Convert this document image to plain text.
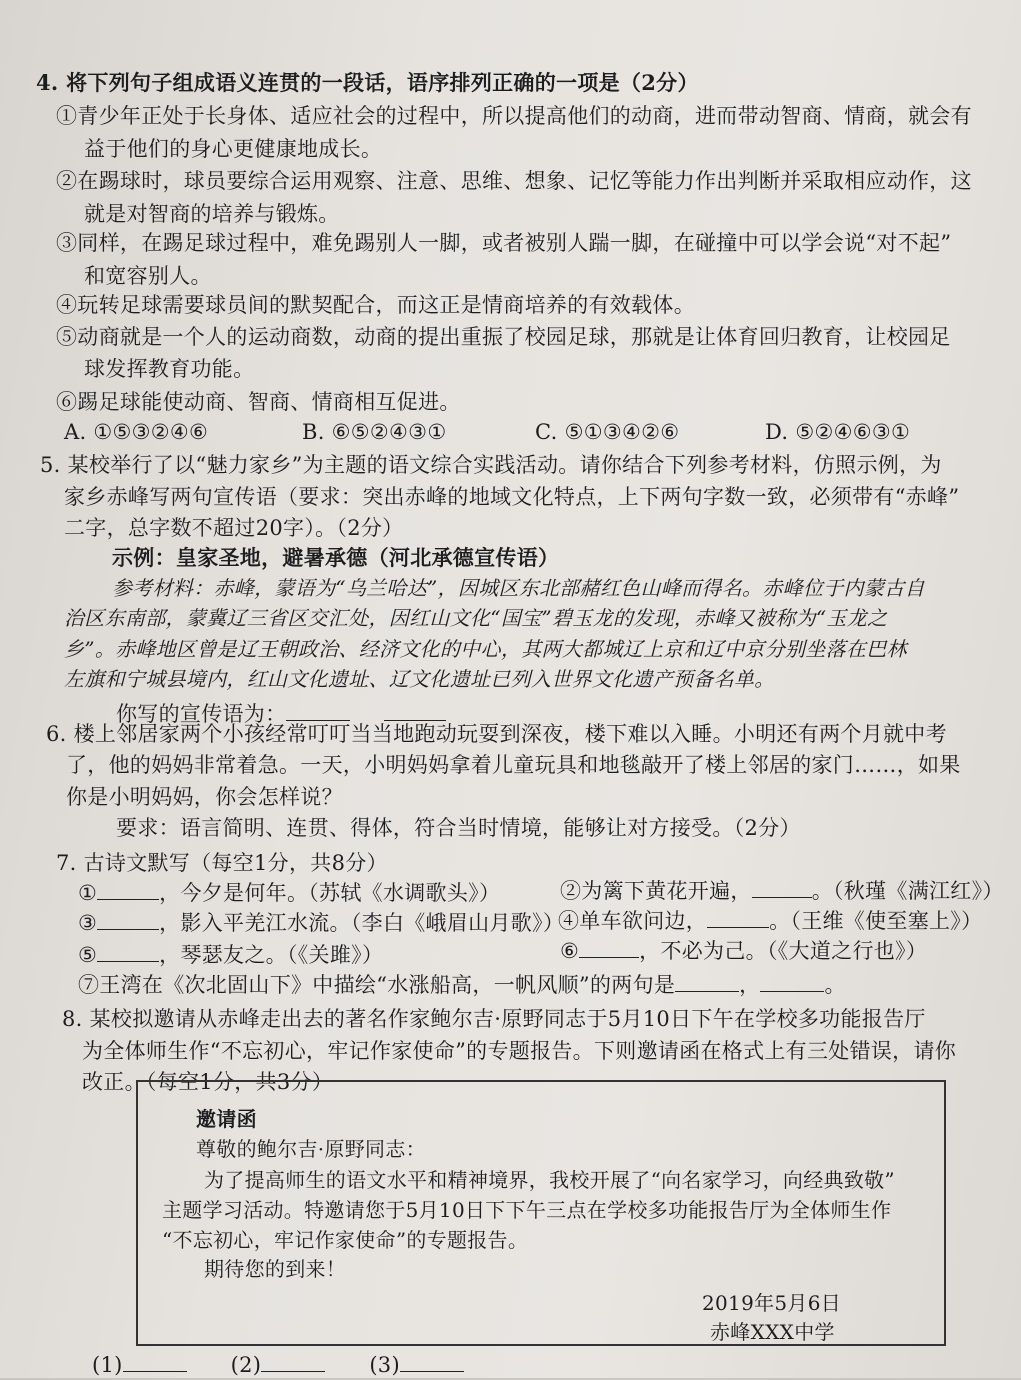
4. 将下列句子组成语义连贯的一段话，语序排列正确的一项是（2分）
①青少年正处于长身体、适应社会的过程中，所以提高他们的动商，进而带动智商、情商，就会有
益于他们的身心更健康地成长。
②在踢球时，球员要综合运用观察、注意、思维、想象、记忆等能力作出判断并采取相应动作，这
就是对智商的培养与锻炼。
③同样，在踢足球过程中，难免踢别人一脚，或者被别人踹一脚，在碰撞中可以学会说“对不起”
和宽容别人。
④玩转足球需要球员间的默契配合，而这正是情商培养的有效载体。
⑤动商就是一个人的运动商数，动商的提出重振了校园足球，那就是让体育回归教育，让校园足
球发挥教育功能。
⑥踢足球能使动商、智商、情商相互促进。
A. ①⑤③②④⑥	B. ⑥⑤②④③①	C. ⑤①③④②⑥	D. ⑤②④⑥③①
5. 某校举行了以“魅力家乡”为主题的语文综合实践活动。请你结合下列参考材料，仿照示例，为
家乡赤峰写两句宣传语（要求：突出赤峰的地域文化特点，上下两句字数一致，必须带有“赤峰”
二字，总字数不超过20字）。（2分）
示例：皇家圣地，避暑承德（河北承德宣传语）
参考材料：赤峰，蒙语为“乌兰哈达”，因城区东北部赭红色山峰而得名。赤峰位于内蒙古自
治区东南部，蒙冀辽三省区交汇处，因红山文化“国宝”碧玉龙的发现，赤峰又被称为“玉龙之
乡”。赤峰地区曾是辽王朝政治、经济文化的中心，其两大都城辽上京和辽中京分别坐落在巴林
左旗和宁城县境内，红山文化遗址、辽文化遗址已列入世界文化遗产预备名单。
你写的宣传语为：
6. 楼上邻居家两个小孩经常叮叮当当地跑动玩耍到深夜，楼下难以入睡。小明还有两个月就中考
了，他的妈妈非常着急。一天，小明妈妈拿着儿童玩具和地毯敲开了楼上邻居的家门……，如果
你是小明妈妈，你会怎样说？
要求：语言简明、连贯、得体，符合当时情境，能够让对方接受。（2分）
7. 古诗文默写（每空1分，共8分）
①	，今夕是何年。（苏轼《水调歌头》）	②为篱下黄花开遍，	。（秋瑾《满江红》）
③	，影入平羌江水流。（李白《峨眉山月歌》）
④单车欲问边，	。（王维《使至塞上》）
⑤	，琴瑟友之。（《关雎》）	⑥	，不必为己。（《大道之行也》）
⑦王湾在《次北固山下》中描绘“水涨船高，一帆风顺”的两句是	，	。
8. 某校拟邀请从赤峰走出去的著名作家鲍尔吉·原野同志于5月10日下午在学校多功能报告厅
为全体师生作“不忘初心，牢记作家使命”的专题报告。下则邀请函在格式上有三处错误，请你
改正。（每空1分，共3分）
邀请函
尊敬的鲍尔吉·原野同志：
为了提高师生的语文水平和精神境界，我校开展了“向名家学习，向经典致敬”
主题学习活动。特邀请您于5月10日下下午三点在学校多功能报告厅为全体师生作
“不忘初心，牢记作家使命”的专题报告。
期待您的到来！
2019年5月6日
赤峰XXX中学
(1)	(2)	(3)
